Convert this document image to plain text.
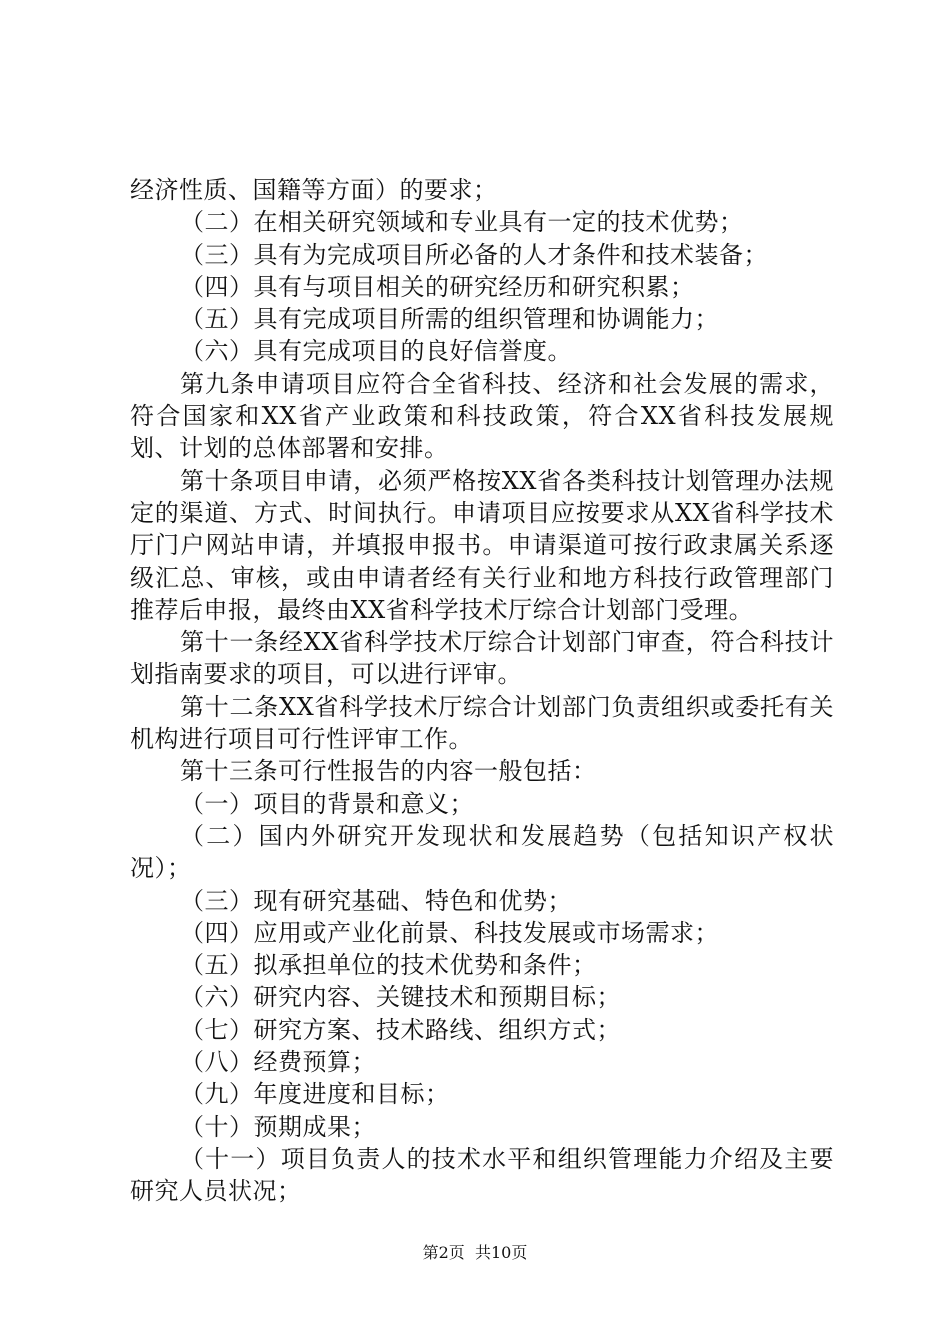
经济性质、国籍等方面）的要求；

（二）在相关研究领域和专业具有一定的技术优势；

（三）具有为完成项目所必备的人才条件和技术装备；

（四）具有与项目相关的研究经历和研究积累；

（五）具有完成项目所需的组织管理和协调能力；

（六）具有完成项目的良好信誉度。

第九条申请项目应符合全省科技、经济和社会发展的需求，符合国家和XX省产业政策和科技政策，符合XX省科技发展规划、计划的总体部署和安排。

第十条项目申请，必须严格按XX省各类科技计划管理办法规定的渠道、方式、时间执行。申请项目应按要求从XX省科学技术厅门户网站申请，并填报申报书。申请渠道可按行政隶属关系逐级汇总、审核，或由申请者经有关行业和地方科技行政管理部门推荐后申报，最终由XX省科学技术厅综合计划部门受理。

第十一条经XX省科学技术厅综合计划部门审查，符合科技计划指南要求的项目，可以进行评审。

第十二条XX省科学技术厅综合计划部门负责组织或委托有关机构进行项目可行性评审工作。

第十三条可行性报告的内容一般包括：

（一）项目的背景和意义；

（二）国内外研究开发现状和发展趋势（包括知识产权状况）；

（三）现有研究基础、特色和优势；

（四）应用或产业化前景、科技发展或市场需求；

（五）拟承担单位的技术优势和条件；

（六）研究内容、关键技术和预期目标；

（七）研究方案、技术路线、组织方式；

（八）经费预算；

（九）年度进度和目标；

（十）预期成果；

（十一）项目负责人的技术水平和组织管理能力介绍及主要研究人员状况；

第2页 共10页
